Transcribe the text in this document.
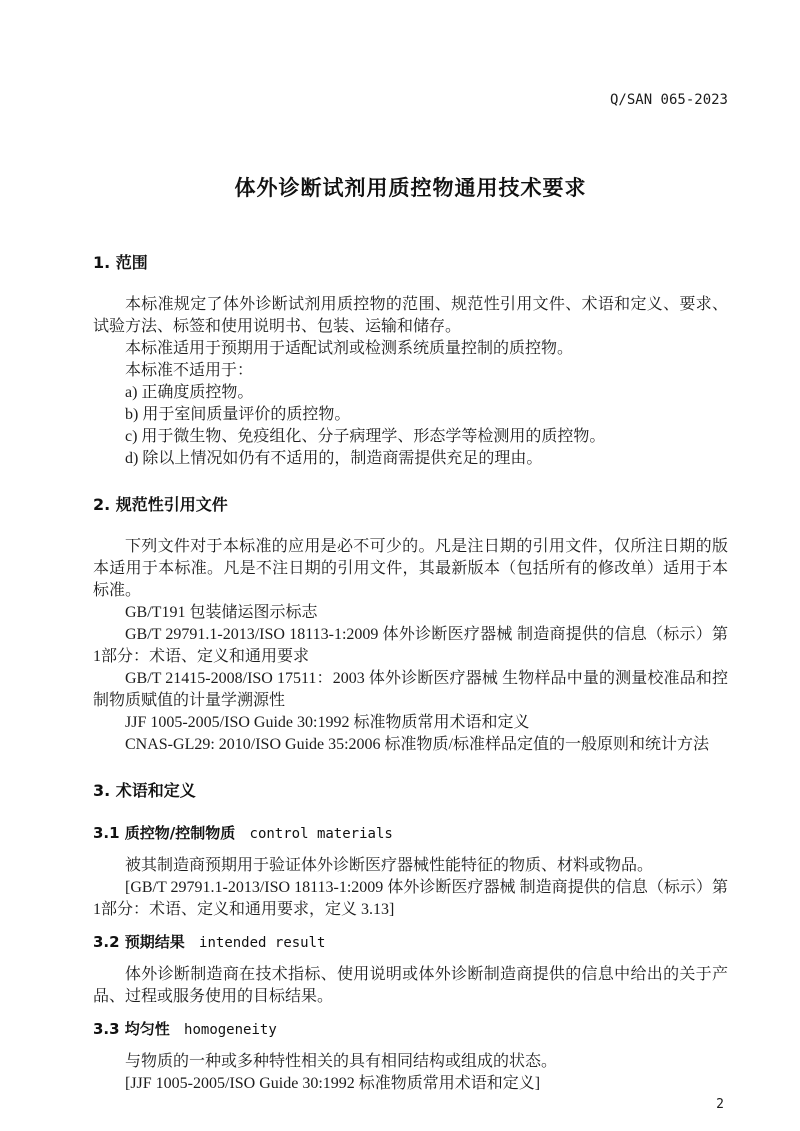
Q/SAN 065-2023
体外诊断试剂用质控物通用技术要求
1. 范围

本标准规定了体外诊断试剂用质控物的范围、规范性引用文件、术语和定义、要求、试验方法、标签和使用说明书、包装、运输和储存。

本标准适用于预期用于适配试剂或检测系统质量控制的质控物。

本标准不适用于：

a) 正确度质控物。

b) 用于室间质量评价的质控物。

c) 用于微生物、免疫组化、分子病理学、形态学等检测用的质控物。

d) 除以上情况如仍有不适用的，制造商需提供充足的理由。

2. 规范性引用文件

下列文件对于本标准的应用是必不可少的。凡是注日期的引用文件，仅所注日期的版本适用于本标准。凡是不注日期的引用文件，其最新版本（包括所有的修改单）适用于本标准。

GB/T191 包装储运图示标志

GB/T 29791.1-2013/ISO 18113-1:2009 体外诊断医疗器械 制造商提供的信息（标示）第1部分：术语、定义和通用要求

GB/T 21415-2008/ISO 17511：2003 体外诊断医疗器械 生物样品中量的测量校准品和控制物质赋值的计量学溯源性

JJF 1005-2005/ISO Guide 30:1992 标准物质常用术语和定义

CNAS-GL29: 2010/ISO Guide 35:2006 标准物质/标准样品定值的一般原则和统计方法

3. 术语和定义
3.1 质控物/控制物质 control materials

被其制造商预期用于验证体外诊断医疗器械性能特征的物质、材料或物品。

[GB/T 29791.1-2013/ISO 18113-1:2009 体外诊断医疗器械 制造商提供的信息（标示）第1部分：术语、定义和通用要求，定义 3.13]

3.2 预期结果 intended result

体外诊断制造商在技术指标、使用说明或体外诊断制造商提供的信息中给出的关于产品、过程或服务使用的目标结果。

3.3 均匀性 homogeneity

与物质的一种或多种特性相关的具有相同结构或组成的状态。

[JJF 1005-2005/ISO Guide 30:1992 标准物质常用术语和定义]

2
